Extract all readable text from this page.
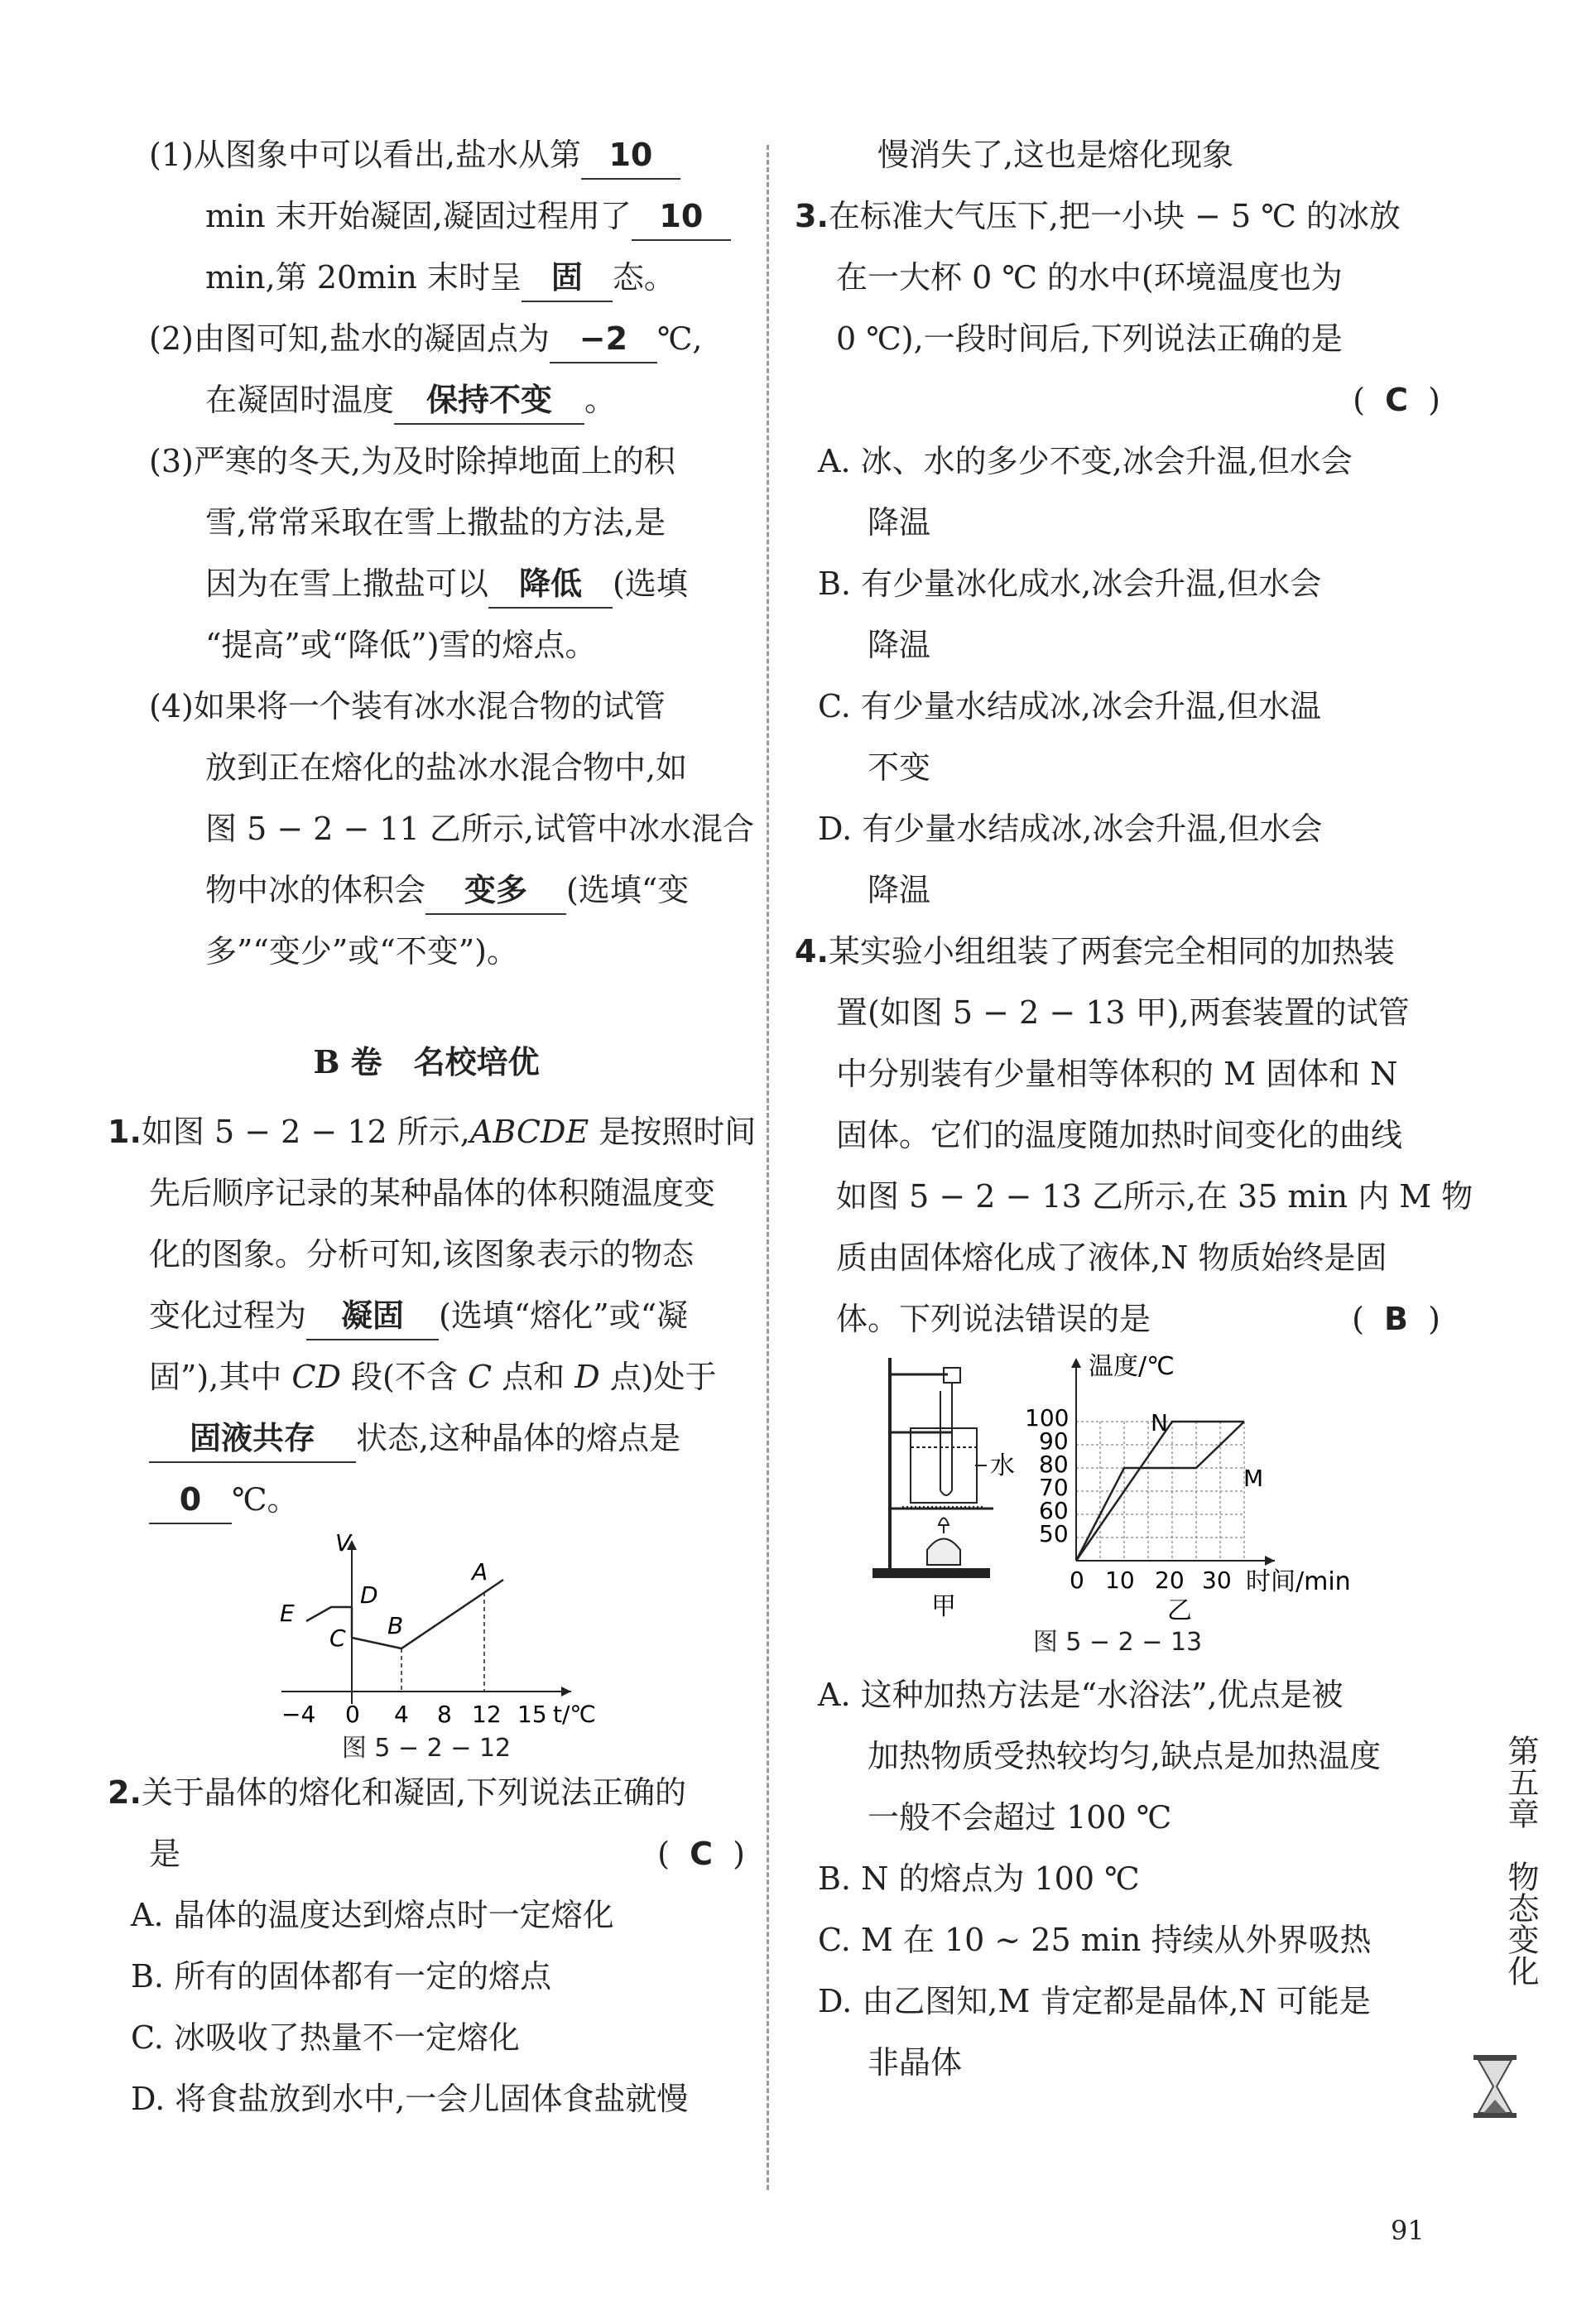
(1)从图象中可以看出,盐水从第 10
min 末开始凝固,凝固过程用了 10
min,第 20min 末时呈 固 态。
(2)由图可知,盐水的凝固点为 −2 ℃,
在凝固时温度 保持不变 。
(3)严寒的冬天,为及时除掉地面上的积
雪,常常采取在雪上撒盐的方法,是
因为在雪上撒盐可以 降低 (选填
“提高”或“降低”)雪的熔点。
(4)如果将一个装有冰水混合物的试管
放到正在熔化的盐冰水混合物中,如
图 5 − 2 − 11 乙所示,试管中冰水混合
物中冰的体积会 变多 (选填“变
多”“变少”或“不变”)。
B 卷　名校培优
1.如图 5 − 2 − 12 所示,ABCDE 是按照时间
先后顺序记录的某种晶体的体积随温度变
化的图象。分析可知,该图象表示的物态
变化过程为 凝固 (选填“熔化”或“凝
固”),其中 CD 段(不含 C 点和 D 点)处于
固液共存 状态,这种晶体的熔点是
0 ℃。
V
t/℃
E
D
C B
A
−4 0 4 8 12 15
图 5 − 2 − 12
2.关于晶体的熔化和凝固,下列说法正确的
是	(  C  )
A. 晶体的温度达到熔点时一定熔化
B. 所有的固体都有一定的熔点
C. 冰吸收了热量不一定熔化
D. 将食盐放到水中,一会儿固体食盐就慢
慢消失了,这也是熔化现象
3.在标准大气压下,把一小块 − 5 ℃ 的冰放
在一大杯 0 ℃ 的水中(环境温度也为
0 ℃),一段时间后,下列说法正确的是
(  C  )
A. 冰、水的多少不变,冰会升温,但水会
降温
B. 有少量冰化成水,冰会升温,但水会
降温
C. 有少量水结成冰,冰会升温,但水温
不变
D. 有少量水结成冰,冰会升温,但水会
降温
4.某实验小组组装了两套完全相同的加热装
置(如图 5 − 2 − 13 甲),两套装置的试管
中分别装有少量相等体积的 M 固体和 N
固体。它们的温度随加热时间变化的曲线
如图 5 − 2 − 13 乙所示,在 35 min 内 M 物
质由固体熔化成了液体,N 物质始终是固
体。下列说法错误的是	(  B  )
水
甲
温度/℃
时间/min
100
90
80
70
60
50
0 10 20 30
N
M
乙
图 5 − 2 − 13
A. 这种加热方法是“水浴法”,优点是被
加热物质受热较均匀,缺点是加热温度
一般不会超过 100 ℃
B. N 的熔点为 100 ℃
C. M 在 10 ~ 25 min 持续从外界吸热
D. 由乙图知,M 肯定都是晶体,N 可能是
非晶体
第五章　物态变化
91
